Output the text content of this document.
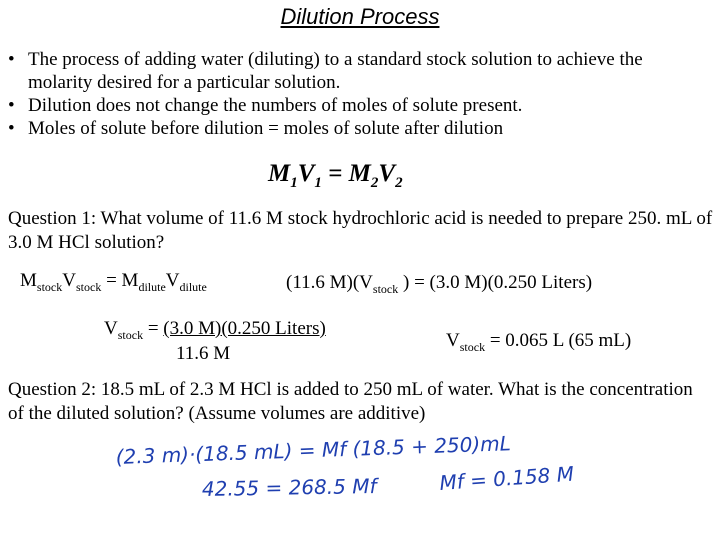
Dilution Process
• The process of adding water (diluting) to a standard stock solution to achieve the molarity desired for a particular solution.
• Dilution does not change the numbers of moles of solute present.
• Moles of solute before dilution = moles of solute after dilution
$M_1V_1 = M_2V_2$
Question 1: What volume of 11.6 M stock hydrochloric acid is needed to prepare 250. mL of 3.0 M HCl solution?
$M_{stock}V_{stock} = M_{dilute}V_{dilute}$	(11.6 $M)(V_{stock}$ ) = (3.0 M)(0.250 Liters)
$V_{stock} = (3.0$ M)(0.250 Liters)
11.6 M
$V_{stock} = 0.065$ L (65 mL)
Question 2: 18.5 mL of 2.3 M HCl is added to 250 mL of water. What is the concentration of the diluted solution? (Assume volumes are additive)
(2.3 m)·(18.5 mL) = Mf (18.5 + 250)mL
42.55 = 268.5 Mf	Mf = 0.158 M
